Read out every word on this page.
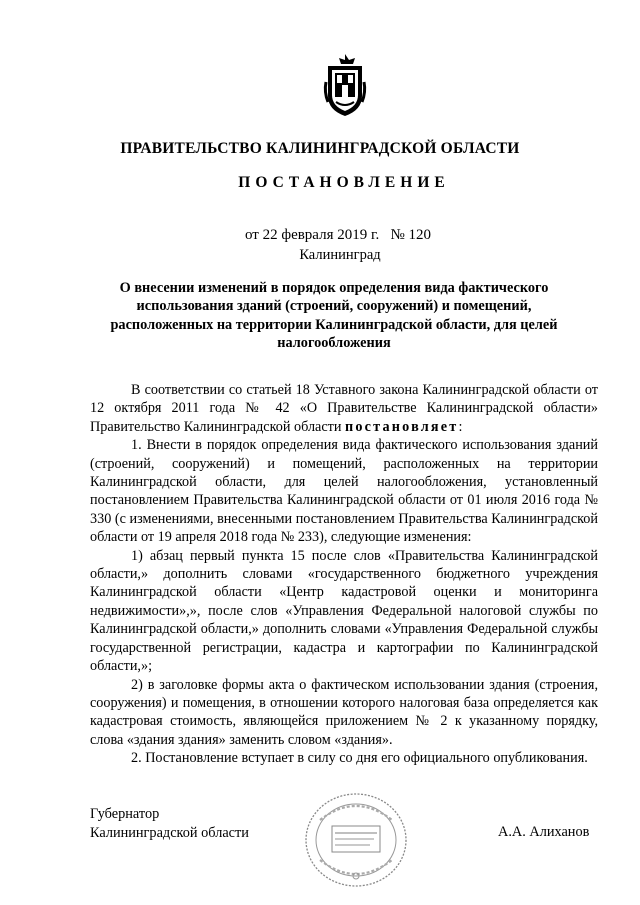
ПРАВИТЕЛЬСТВО КАЛИНИНГРАДСКОЙ ОБЛАСТИ
ПОСТАНОВЛЕНИЕ
от 22 февраля 2019 г. № 120
Калининград
О внесении изменений в порядок определения вида фактического использования зданий (строений, сооружений) и помещений, расположенных на территории Калининградской области, для целей налогообложения

В соответствии со статьей 18 Уставного закона Калининградской области от 12 октября 2011 года № 42 «О Правительстве Калининградской области» Правительство Калининградской области постановляет:

1. Внести в порядок определения вида фактического использования зданий (строений, сооружений) и помещений, расположенных на территории Калининградской области, для целей налогообложения, установленный постановлением Правительства Калининградской области от 01 июля 2016 года № 330 (с изменениями, внесенными постановлением Правительства Калининградской области от 19 апреля 2018 года № 233), следующие изменения:

1) абзац первый пункта 15 после слов «Правительства Калининградской области,» дополнить словами «государственного бюджетного учреждения Калининградской области «Центр кадастровой оценки и мониторинга недвижимости»,», после слов «Управления Федеральной налоговой службы по Калининградской области,» дополнить словами «Управления Федеральной службы государственной регистрации, кадастра и картографии по Калининградской области,»;

2) в заголовке формы акта о фактическом использовании здания (строения, сооружения) и помещения, в отношении которого налоговая база определяется как кадастровая стоимость, являющейся приложением № 2 к указанному порядку, слова «здания здания» заменить словом «здания».

2. Постановление вступает в силу со дня его официального опубликования.

Губернатор
Калининградской области	А.А. Алиханов
